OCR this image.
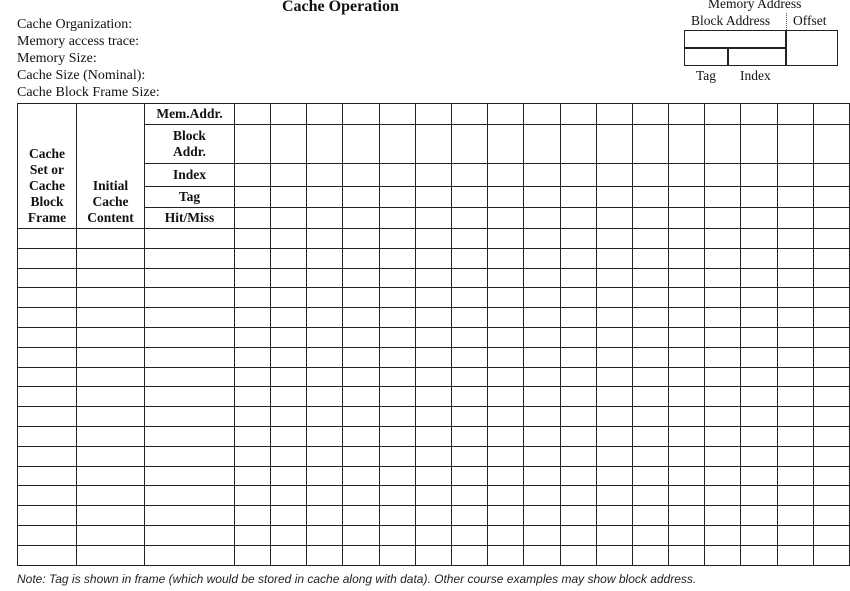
Cache Operation
Cache Organization:
Memory access trace:
Memory Size:
Cache Size (Nominal):
Cache Block Frame Size:
Memory Address
Block Address Offset
Tag Index
Cache Set or Cache Block Frame	Initial Cache Content	Mem.Addr.																	

		Block Addr.																	

		Index																	
		Tag																	
		Hit/Miss																	

Note: Tag is shown in frame (which would be stored in cache along with data). Other course examples may show block address.
